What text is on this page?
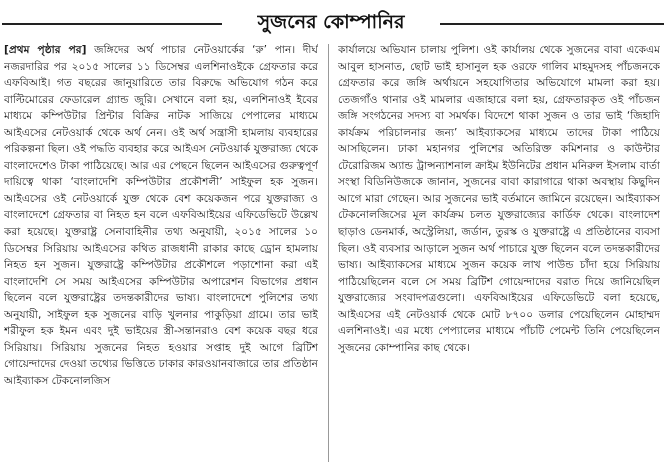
সুজনের কোম্পানির

[প্রথম পৃষ্ঠার পর] জঙ্গিদের অর্থ পাচার নেটওয়ার্কের ‘রু’ পান। দীর্ঘ নজরদারির পর ২০১৫ সালের ১১ ডিসেম্বর এলশিনাওইকে গ্রেফতার করে এফবিআই। গত বছরের জানুয়ারিতে তার বিরুদ্ধে অভিযোগ গঠন করে বাল্টিমোরের ফেডারেল গ্র্যান্ড জুরি। সেখানে বলা হয়, এলশিনাওই ইবের মাধ্যমে কম্পিউটার প্রিন্টার বিক্রির নাটক সাজিয়ে পেপালের মাধ্যমে আইএসের নেটওয়ার্ক থেকে অর্থ নেন। ওই অর্থ সন্ত্রাসী হামলায় ব্যবহারের পরিকল্পনা ছিল। ওই পদ্ধতি ব্যবহার করে আইএস নেটওয়ার্ক যুক্তরাজ্য থেকে বাংলাদেশেও টাকা পাঠিয়েছে। আর এর পেছনে ছিলেন আইএসের গুরুত্বপূর্ণ দায়িত্বে থাকা ‘বাংলাদেশি কম্পিউটার প্রকৌশলী’ সাইফুল হক সুজন। আইএসের ওই নেটওয়ার্কে যুক্ত থেকে বেশ কয়েকজন পরে যুক্তরাজ্য ও বাংলাদেশে গ্রেফতার বা নিহত হন বলে এফবিআইয়ের এফিডেভিটে উল্লেখ করা হয়েছে। যুক্তরাষ্ট্র সেনাবাহিনীর তথ্য অনুযায়ী, ২০১৫ সালের ১০ ডিসেম্বর সিরিয়ায় আইএসের কথিত রাজধানী রাকার কাছে ড্রোন হামলায় নিহত হন সুজন। যুক্তরাষ্ট্রে কম্পিউটার প্রকৌশলে পড়াশোনা করা এই বাংলাদেশি সে সময় আইএসের কম্পিউটার অপারেশন বিভাগের প্রধান ছিলেন বলে যুক্তরাষ্ট্রের তদন্তকারীদের ভাষ্য। বাংলাদেশে পুলিশের তথ্য অনুযায়ী, সাইফুল হক সুজনের বাড়ি খুলনার পাকুড়িয়া গ্রামে। তার ভাই শরীফুল হক ইমন এবং দুই ভাইয়ের স্ত্রী-সন্তানরাও বেশ কয়েক বছর ধরে সিরিয়ায়। সিরিয়ায় সুজনের নিহত হওয়ার সপ্তাহ দুই আগে ব্রিটিশ গোয়েন্দাদের দেওয়া তথ্যের ভিত্তিতে ঢাকার কারওয়ানবাজারে তার প্রতিষ্ঠান আইব্যাকস টেকনোলজিস

কার্যালয়ে অভিযান চালায় পুলিশ। ওই কার্যালয় থেকে সুজনের বাবা একেএম আবুল হাসনাত, ছোট ভাই হাসানুল হক ওরফে গালিব মাহমুদসহ পাঁচজনকে গ্রেফতার করে জঙ্গি অর্থায়নে সহযোগিতার অভিযোগে মামলা করা হয়। তেজগাঁও থানার ওই মামলার এজাহারে বলা হয়, গ্রেফতারকৃত ওই পাঁচজন জঙ্গি সংগঠনের সদস্য বা সমর্থক। বিদেশে থাকা সুজন ও তার ভাই ‘জিহাদি কার্যক্রম পরিচালনার জন্য’ আইব্যাকসের মাধ্যমে তাদের টাকা পাঠিয়ে আসছিলেন। ঢাকা মহানগর পুলিশের অতিরিক্ত কমিশনার ও কাউন্টার টেরোরিজম অ্যান্ড ট্রান্সন্যাশনাল ক্রাইম ইউনিটের প্রধান মনিরুল ইসলাম বার্তা সংস্থা বিডিনিউজকে জানান, সুজনের বাবা কারাগারে থাকা অবস্থায় কিছুদিন আগে মারা গেছেন। আর সুজনের ভাই বর্তমানে জামিনে রয়েছেন। আইব্যাকস টেকনোলজিসের মূল কার্যক্রম চলত যুক্তরাজ্যের কার্ডিফ থেকে। বাংলাদেশ ছাড়াও ডেনমার্ক, অস্ট্রেলিয়া, জর্ডান, তুরস্ক ও যুক্তরাষ্ট্রে এ প্রতিষ্ঠানের ব্যবসা ছিল। ওই ব্যবসার আড়ালে সুজন অর্থ পাচারে যুক্ত ছিলেন বলে তদন্তকারীদের ভাষ্য। আইব্যাকসের মাধ্যমে সুজন কয়েক লাখ পাউন্ড চাঁদা হয়ে সিরিয়ায় পাঠিয়েছিলেন বলে সে সময় ব্রিটিশ গোয়েন্দাদের বরাত দিয়ে জানিয়েছিল যুক্তরাজ্যের সংবাদপত্রগুলো। এফবিআইয়ের এফিডেভিটে বলা হয়েছে, আইএসের এই নেটওয়ার্ক থেকে মোট ৮৭০০ ডলার পেয়েছিলেন মোহাম্মদ এলশিনাওই। এর মধ্যে পেপ্যালের মাধ্যমে পাঁচটি পেমেন্ট তিনি পেয়েছিলেন সুজনের কোম্পানির কাছ থেকে।
